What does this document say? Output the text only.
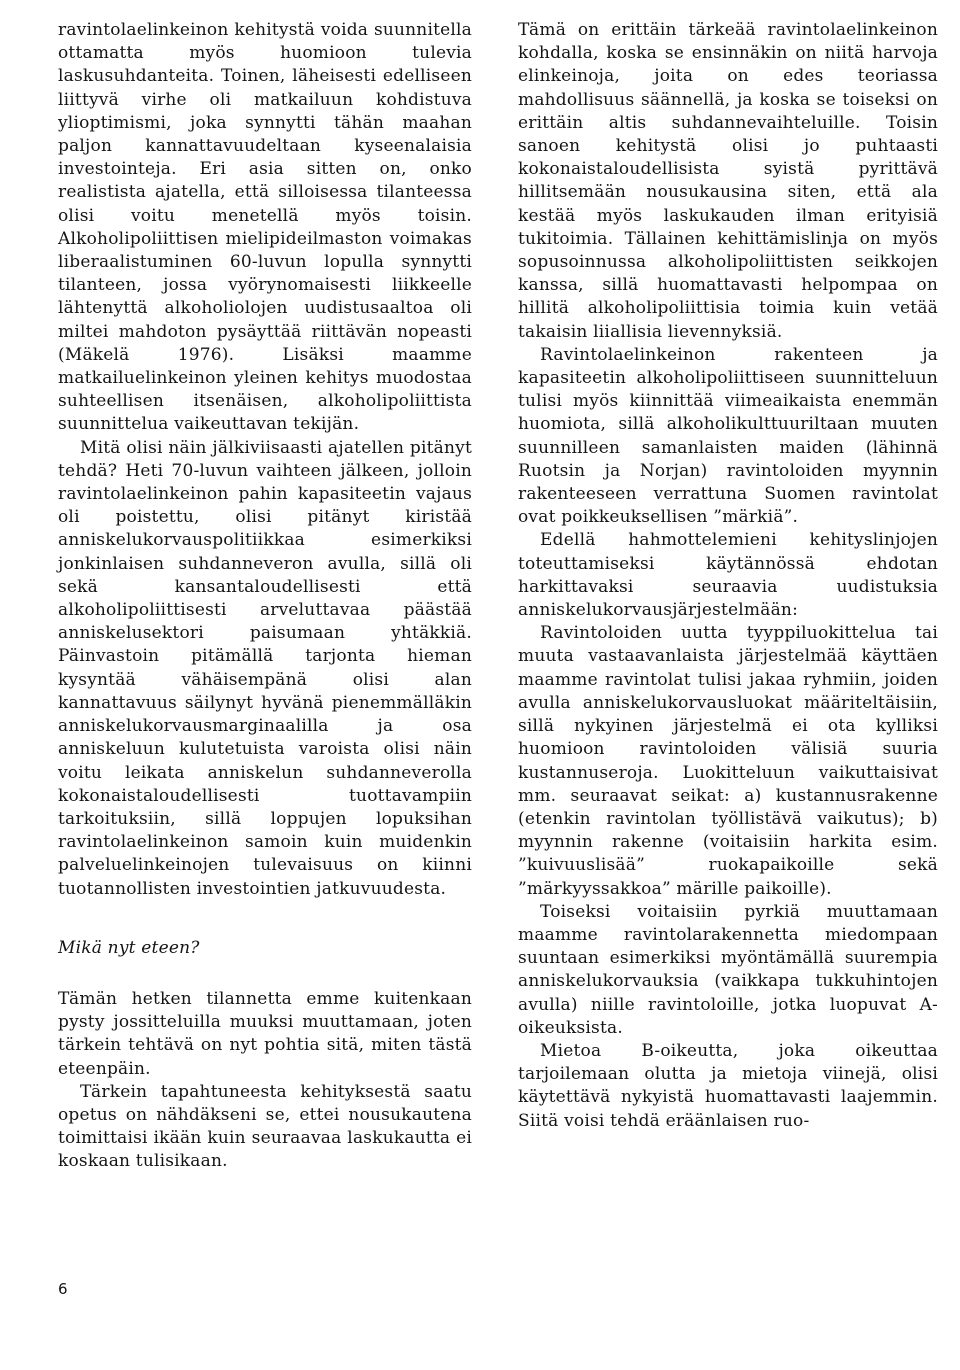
ravintolaelinkeinon kehitystä voida suunnitella ottamatta myös huomioon tulevia laskusuhdanteita. Toinen, läheisesti edelliseen liittyvä virhe oli matkailuun kohdistuva ylioptimismi, joka synnytti tähän maahan paljon kannattavuudeltaan kyseenalaisia investointeja. Eri asia sitten on, onko realistista ajatella, että silloisessa tilanteessa olisi voitu menetellä myös toisin. Alkoholipoliittisen mielipideilmaston voimakas liberaalistuminen 60-luvun lopulla synnytti tilanteen, jossa vyörynomaisesti liikkeelle lähtenyttä alkoholiolojen uudistusaaltoa oli miltei mahdoton pysäyttää riittävän nopeasti (Mäkelä 1976). Lisäksi maamme matkailuelinkeinon yleinen kehitys muodostaa suhteellisen itsenäisen, alkoholipoliittista suunnittelua vaikeuttavan tekijän.

Mitä olisi näin jälkiviisaasti ajatellen pitänyt tehdä? Heti 70-luvun vaihteen jälkeen, jolloin ravintolaelinkeinon pahin kapasiteetin vajaus oli poistettu, olisi pitänyt kiristää anniskelukorvauspolitiikkaa esimerkiksi jonkinlaisen suhdanneveron avulla, sillä oli sekä kansantaloudellisesti että alkoholipoliittisesti arveluttavaa päästää anniskelusektori paisumaan yhtäkkiä. Päinvastoin pitämällä tarjonta hieman kysyntää vähäisempänä olisi alan kannattavuus säilynyt hyvänä pienemmälläkin anniskelukorvausmarginaalilla ja osa anniskeluun kulutetuista varoista olisi näin voitu leikata anniskelun suhdanneverolla kokonaistaloudellisesti tuottavampiin tarkoituksiin, sillä loppujen lopuksihan ravintolaelinkeinon samoin kuin muidenkin palveluelinkeinojen tulevaisuus on kiinni tuotannollisten investointien jatkuvuudesta.

Mikä nyt eteen?

Tämän hetken tilannetta emme kuitenkaan pysty jossitteluilla muuksi muuttamaan, joten tärkein tehtävä on nyt pohtia sitä, miten tästä eteenpäin.

Tärkein tapahtuneesta kehityksestä saatu opetus on nähdäkseni se, ettei nousukautena toimittaisi ikään kuin seuraavaa laskukautta ei koskaan tulisikaan.

Tämä on erittäin tärkeää ravintolaelinkeinon kohdalla, koska se ensinnäkin on niitä harvoja elinkeinoja, joita on edes teoriassa mahdollisuus säännellä, ja koska se toiseksi on erittäin altis suhdannevaihteluille. Toisin sanoen kehitystä olisi jo puhtaasti kokonaistaloudellisista syistä pyrittävä hillitsemään nousukausina siten, että ala kestää myös laskukauden ilman erityisiä tukitoimia. Tällainen kehittämislinja on myös sopusoinnussa alkoholipoliittisten seikkojen kanssa, sillä huomattavasti helpompaa on hillitä alkoholipoliittisia toimia kuin vetää takaisin liiallisia lievennyksiä.

Ravintolaelinkeinon rakenteen ja kapasiteetin alkoholipoliittiseen suunnitteluun tulisi myös kiinnittää viimeaikaista enemmän huomiota, sillä alkoholikulttuuriltaan muuten suunnilleen samanlaisten maiden (lähinnä Ruotsin ja Norjan) ravintoloiden myynnin rakenteeseen verrattuna Suomen ravintolat ovat poikkeuksellisen ”märkiä”.

Edellä hahmottelemieni kehityslinjojen toteuttamiseksi käytännössä ehdotan harkittavaksi seuraavia uudistuksia anniskelukorvausjärjestelmään:

Ravintoloiden uutta tyyppiluokittelua tai muuta vastaavanlaista järjestelmää käyttäen maamme ravintolat tulisi jakaa ryhmiin, joiden avulla anniskelukorvausluokat määriteltäisiin, sillä nykyinen järjestelmä ei ota kylliksi huomioon ravintoloiden välisiä suuria kustannuseroja. Luokitteluun vaikuttaisivat mm. seuraavat seikat: a) kustannusrakenne (etenkin ravintolan työllistävä vaikutus); b) myynnin rakenne (voitaisiin harkita esim. ”kuivuuslisää” ruokapaikoille sekä ”märkyyssakkoa” märille paikoille).

Toiseksi voitaisiin pyrkiä muuttamaan maamme ravintolarakennetta miedompaan suuntaan esimerkiksi myöntämällä suurempia anniskelukorvauksia (vaikkapa tukkuhintojen avulla) niille ravintoloille, jotka luopuvat A-oikeuksista.

Mietoa B-oikeutta, joka oikeuttaa tarjoilemaan olutta ja mietoja viinejä, olisi käytettävä nykyistä huomattavasti laajemmin. Siitä voisi tehdä eräänlaisen ruo-

6
